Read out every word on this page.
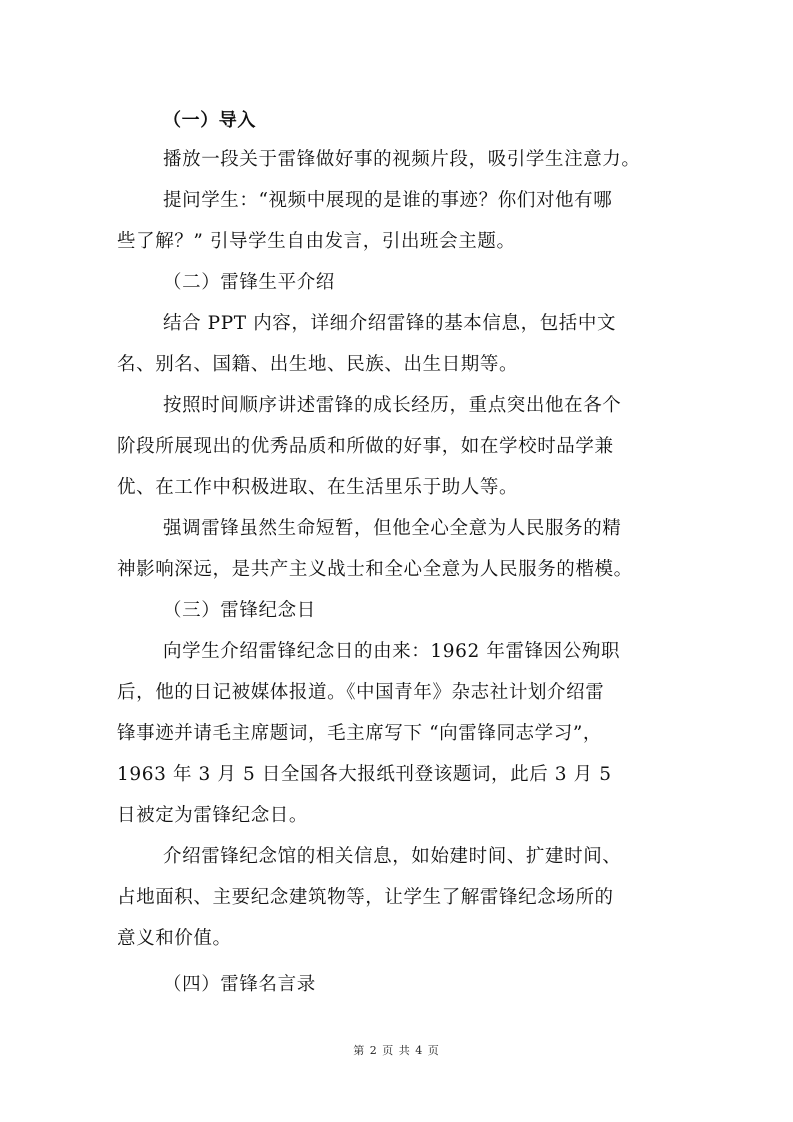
（一）导入
播放一段关于雷锋做好事的视频片段，吸引学生注意力。
提问学生：“视频中展现的是谁的事迹？你们对他有哪
些了解？” 引导学生自由发言，引出班会主题。
（二）雷锋生平介绍
结合 PPT 内容，详细介绍雷锋的基本信息，包括中文
名、别名、国籍、出生地、民族、出生日期等。
按照时间顺序讲述雷锋的成长经历，重点突出他在各个
阶段所展现出的优秀品质和所做的好事，如在学校时品学兼
优、在工作中积极进取、在生活里乐于助人等。
强调雷锋虽然生命短暂，但他全心全意为人民服务的精
神影响深远，是共产主义战士和全心全意为人民服务的楷模。
（三）雷锋纪念日
向学生介绍雷锋纪念日的由来：1962 年雷锋因公殉职
后，他的日记被媒体报道。《中国青年》杂志社计划介绍雷
锋事迹并请毛主席题词，毛主席写下 “向雷锋同志学习”，
1963 年 3 月 5 日全国各大报纸刊登该题词，此后 3 月 5
日被定为雷锋纪念日。
介绍雷锋纪念馆的相关信息，如始建时间、扩建时间、
占地面积、主要纪念建筑物等，让学生了解雷锋纪念场所的
意义和价值。
（四）雷锋名言录
第 2 页 共 4 页
